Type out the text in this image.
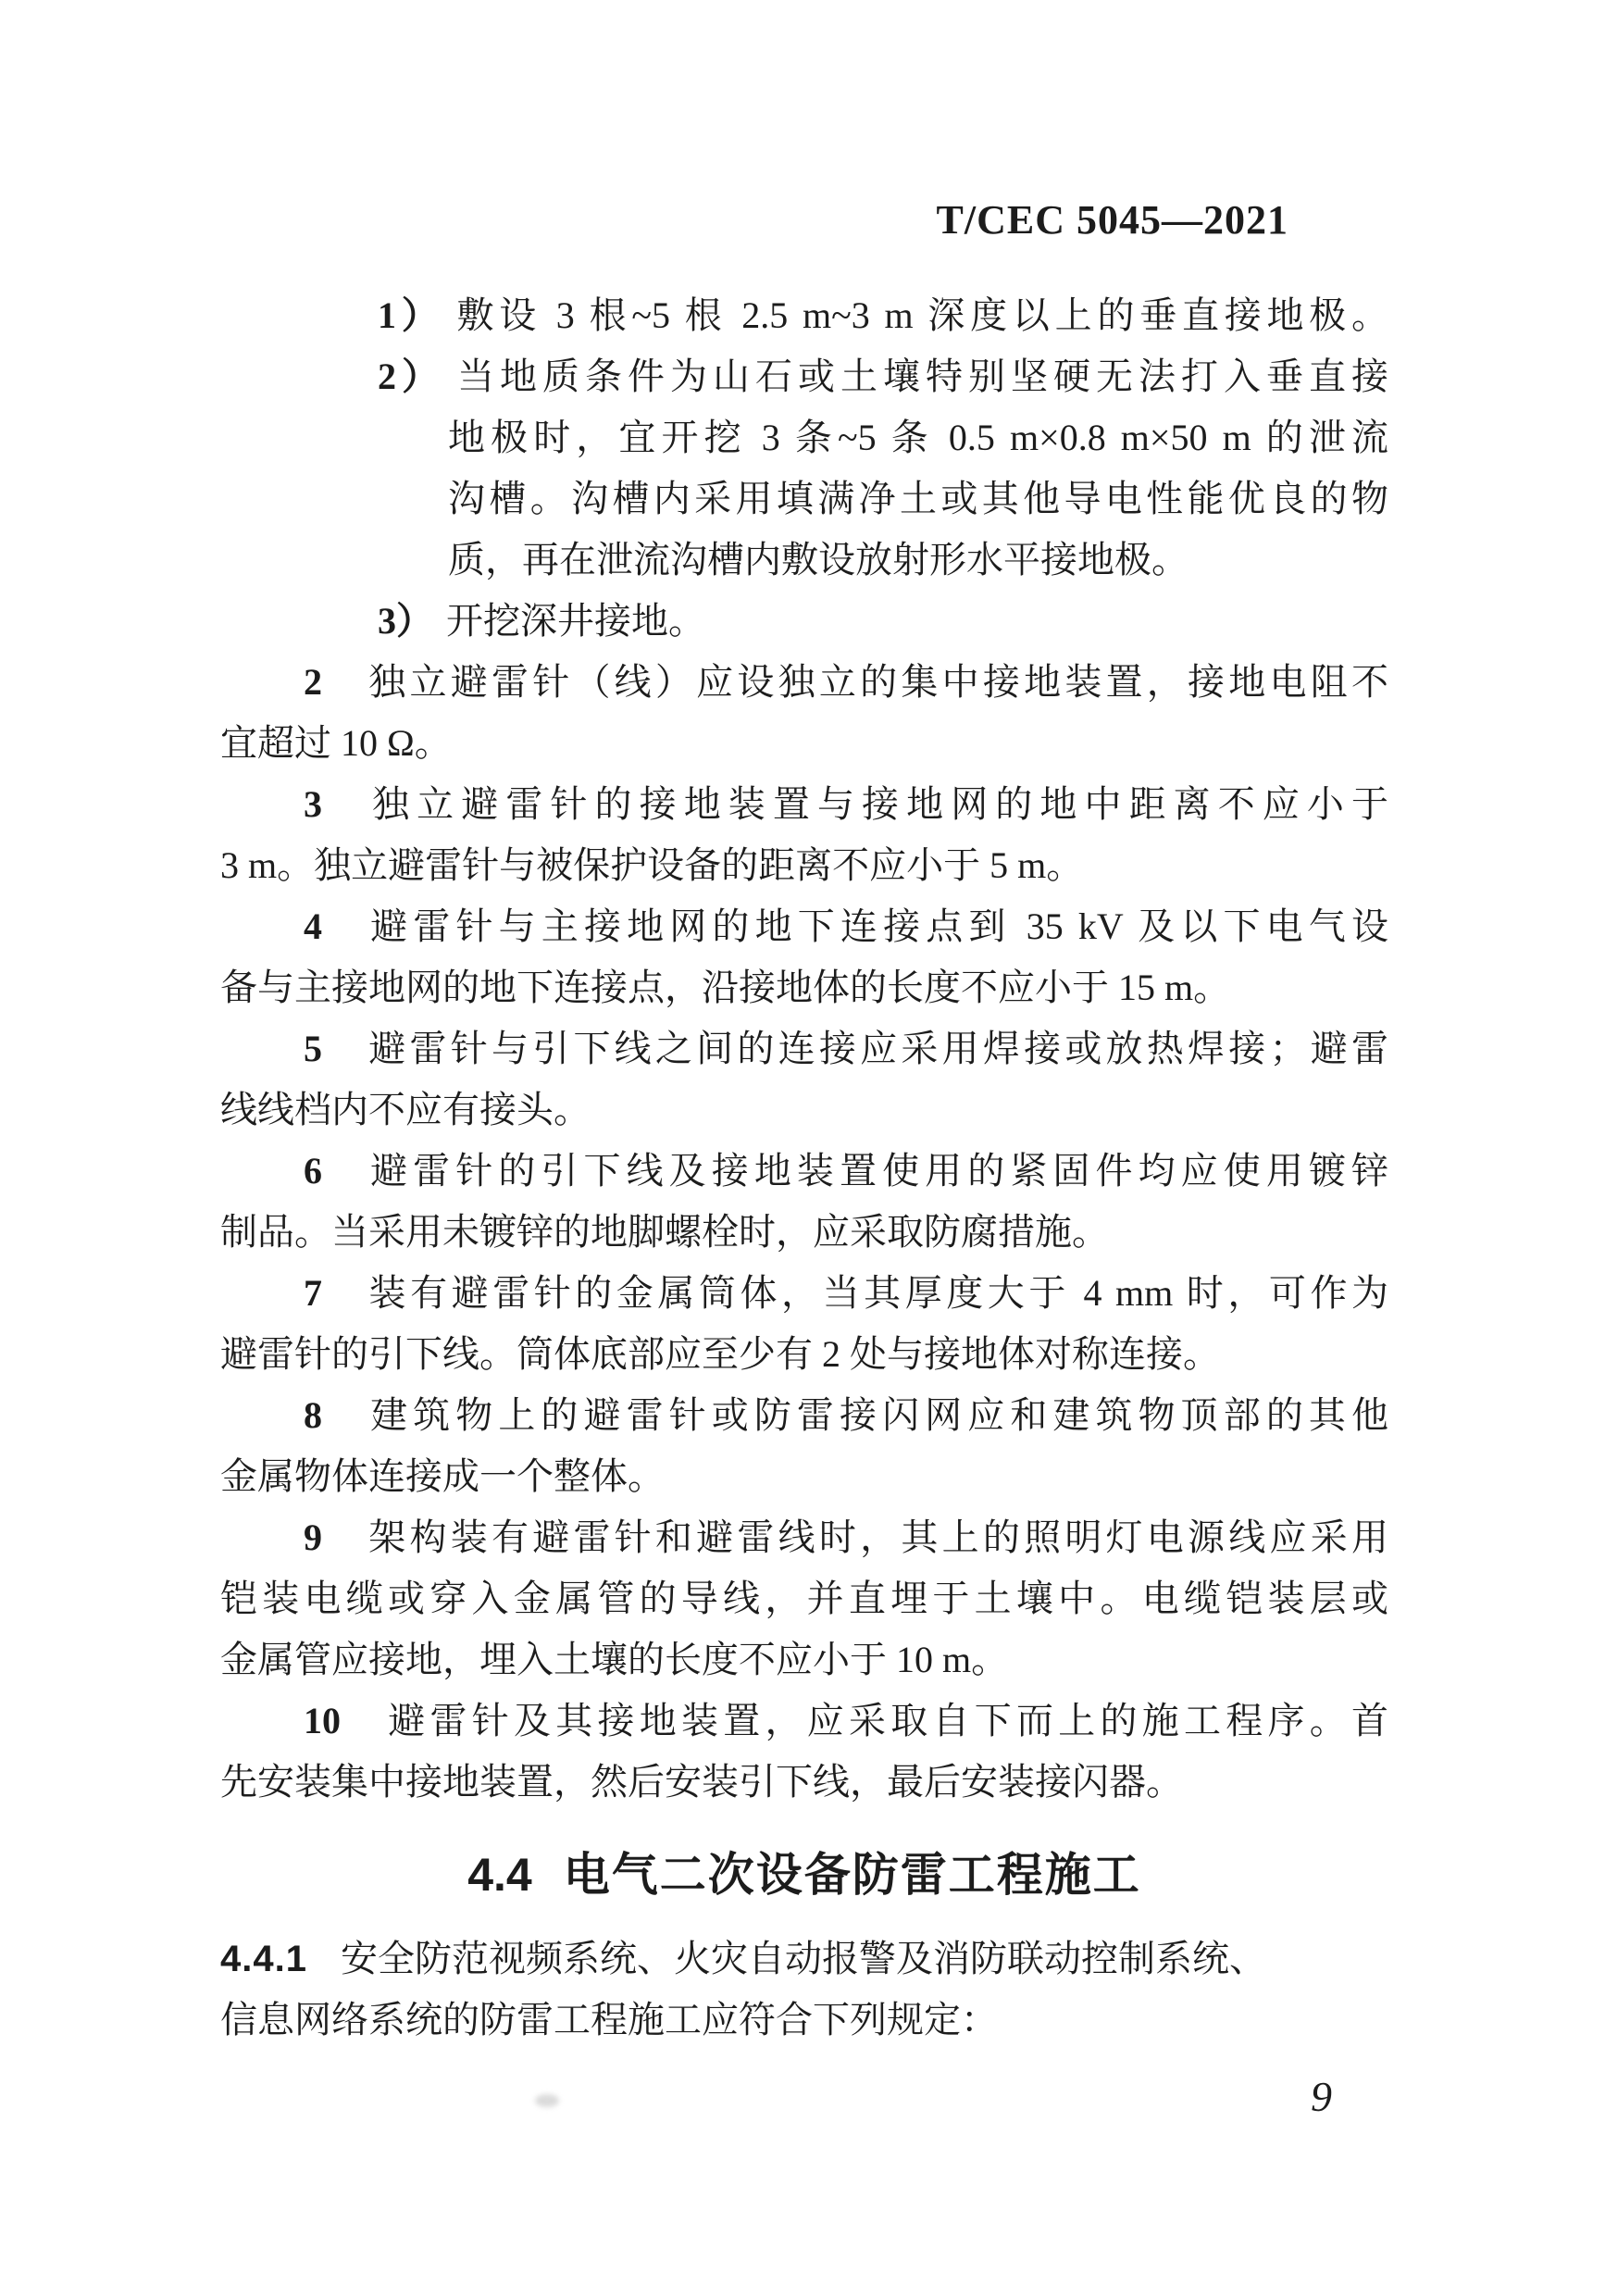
T/CEC 5045—2021
1） 敷设 3 根~5 根 2.5 m~3 m 深度以上的垂直接地极。
2） 当地质条件为山石或土壤特别坚硬无法打入垂直接
地极时，宜开挖 3 条~5 条 0.5 m×0.8 m×50 m 的泄流
沟槽。沟槽内采用填满净土或其他导电性能优良的物
质，再在泄流沟槽内敷设放射形水平接地极。
3） 开挖深井接地。
2 独立避雷针（线）应设独立的集中接地装置，接地电阻不
宜超过 10 Ω。
3 独立避雷针的接地装置与接地网的地中距离不应小于
3 m。独立避雷针与被保护设备的距离不应小于 5 m。
4 避雷针与主接地网的地下连接点到 35 kV 及以下电气设
备与主接地网的地下连接点，沿接地体的长度不应小于 15 m。
5 避雷针与引下线之间的连接应采用焊接或放热焊接；避雷
线线档内不应有接头。
6 避雷针的引下线及接地装置使用的紧固件均应使用镀锌
制品。当采用未镀锌的地脚螺栓时，应采取防腐措施。
7 装有避雷针的金属筒体，当其厚度大于 4 mm 时，可作为
避雷针的引下线。筒体底部应至少有 2 处与接地体对称连接。
8 建筑物上的避雷针或防雷接闪网应和建筑物顶部的其他
金属物体连接成一个整体。
9 架构装有避雷针和避雷线时，其上的照明灯电源线应采用
铠装电缆或穿入金属管的导线，并直埋于土壤中。电缆铠装层或
金属管应接地，埋入土壤的长度不应小于 10 m。
10 避雷针及其接地装置，应采取自下而上的施工程序。首
先安装集中接地装置，然后安装引下线，最后安装接闪器。
4.4 电气二次设备防雷工程施工
4.4.1 安全防范视频系统、火灾自动报警及消防联动控制系统、
信息网络系统的防雷工程施工应符合下列规定：
9
